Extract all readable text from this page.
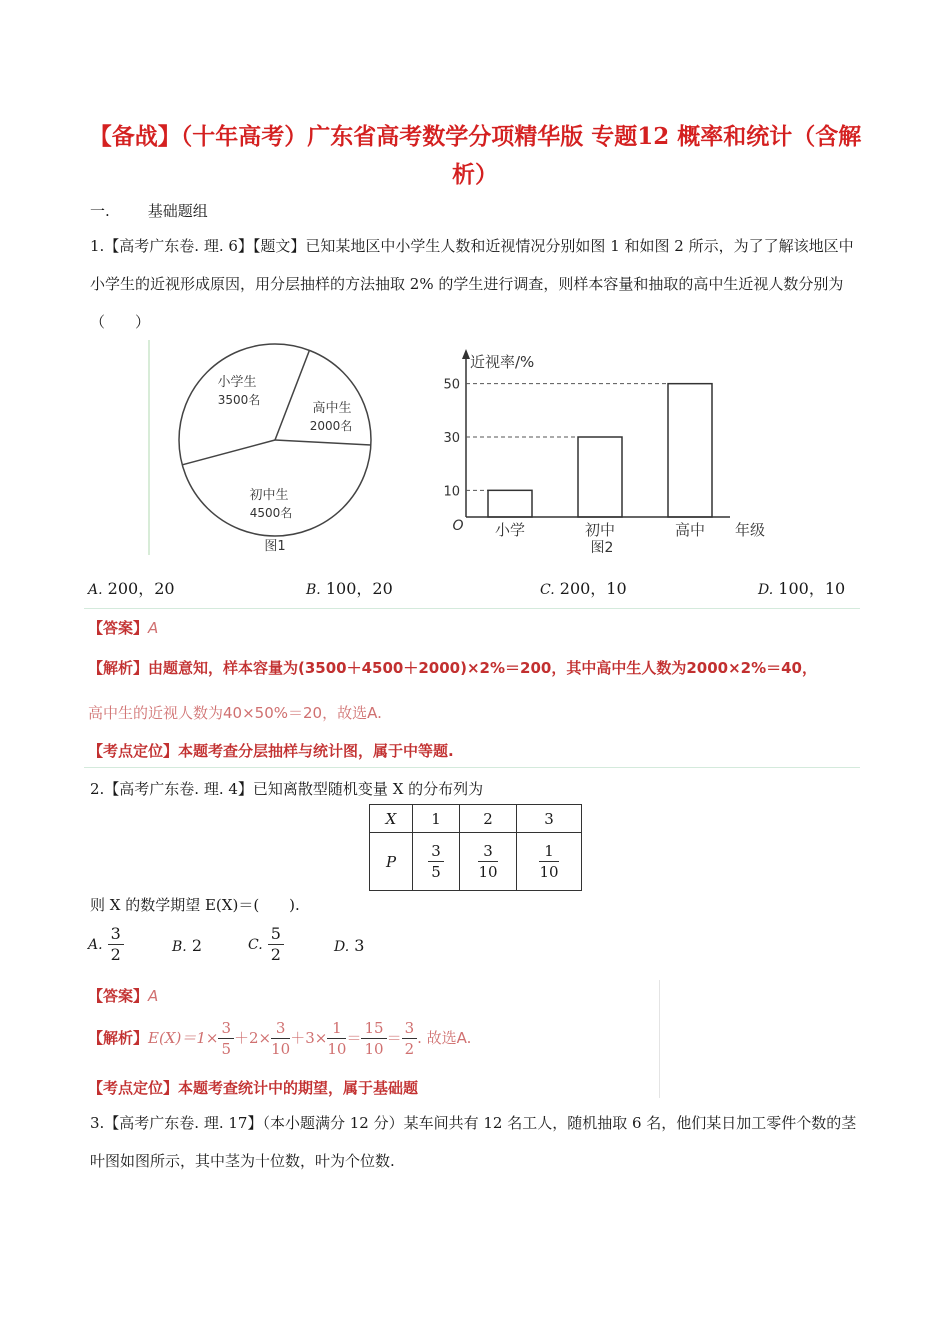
【备战】（十年高考）广东省高考数学分项精华版 专题12 概率和统计（含解析）
一.	基础题组
1.【高考广东卷. 理. 6】【题文】已知某地区中小学生人数和近视情况分别如图 1 和如图 2 所示，为了了解该地区中小学生的近视形成原因，用分层抽样的方法抽取 2% 的学生进行调查，则样本容量和抽取的高中生近视人数分别为（　　）
小学生
3500名
高中生
2000名
初中生
4500名
图1
近视率/%
O	年级
10
30
50
小学	初中	高中
图2
A. 200，20	B. 100，20	C. 200，10	D. 100，10
【答案】A
【解析】由题意知，样本容量为(3500＋4500＋2000)×2%＝200，其中高中生人数为2000×2%＝40，
高中生的近视人数为40×50%＝20，故选A.
【考点定位】本题考查分层抽样与统计图，属于中等题.
2.【高考广东卷. 理. 4】已知离散型随机变量 X 的分布列为
X	1	2	3
P	$\frac{3}{5}$	$\frac{3}{10}$	$\frac{1}{10}$
则 X 的数学期望 E(X)＝(　　).
A. $\frac{3}{2}$	B. 2	C. $\frac{5}{2}$	D. 3
【答案】A
【解析】$E(X)=1\times \frac{3}{5} +2\times \frac{3}{10} +3\times \frac{1}{10} = \frac{15}{10} = \frac{3}{2}$ . 故选A.
【考点定位】本题考查统计中的期望，属于基础题
3.【高考广东卷. 理. 17】（本小题满分 12 分）某车间共有 12 名工人，随机抽取 6 名，他们某日加工零件个数的茎叶图如图所示，其中茎为十位数，叶为个位数.
